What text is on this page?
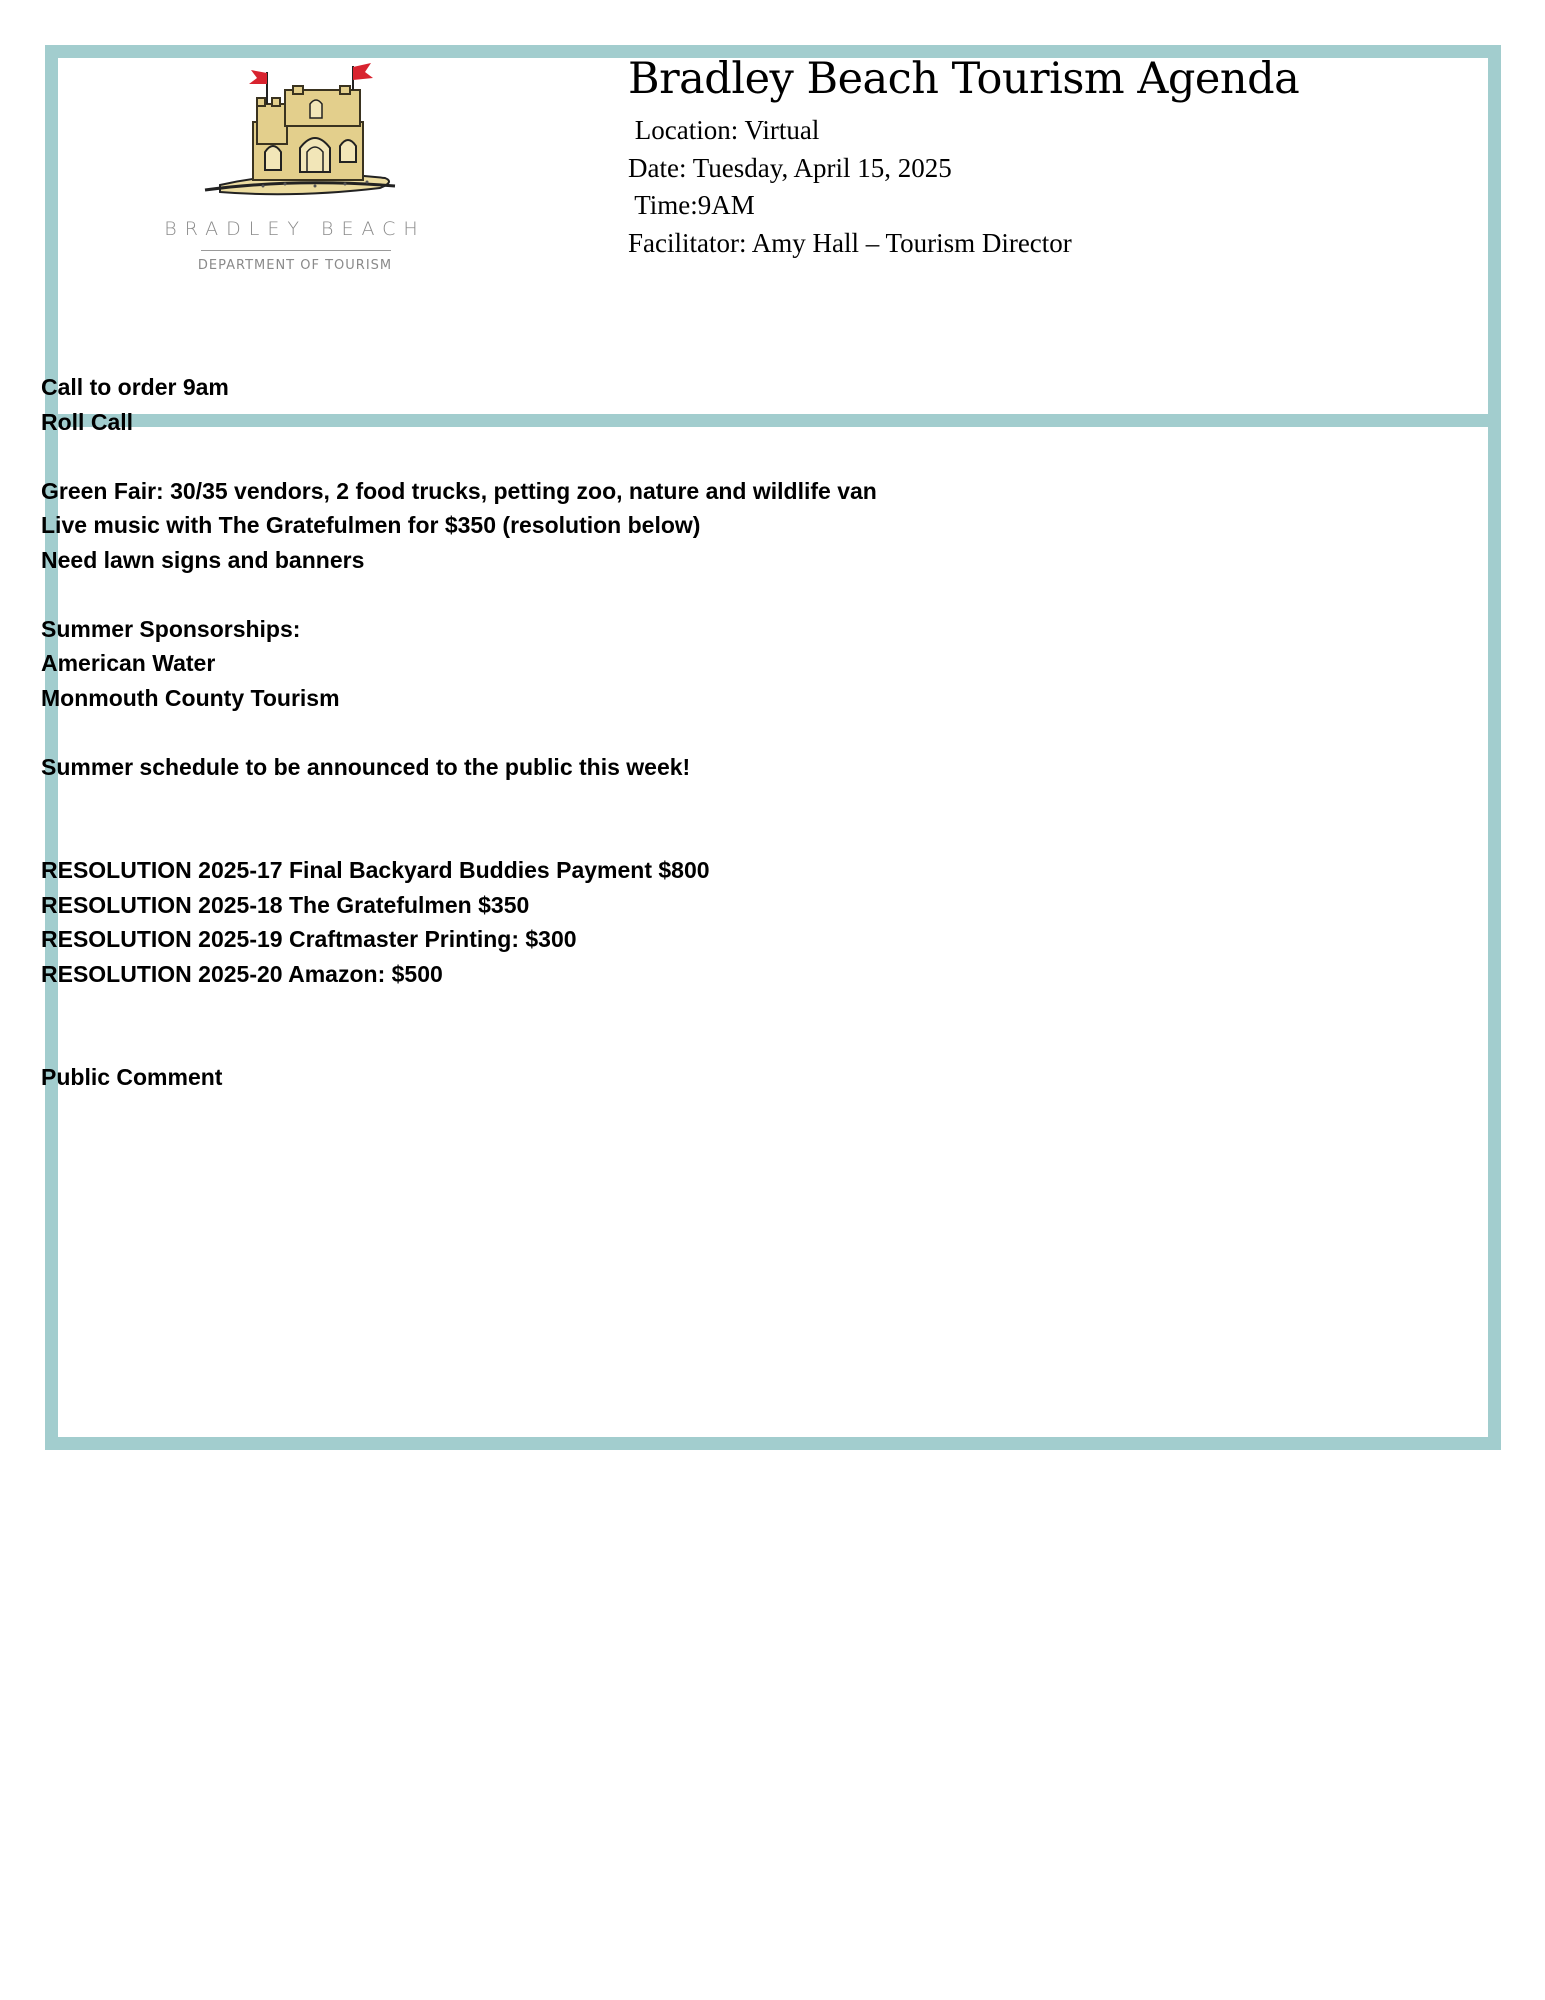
BRADLEY BEACH
DEPARTMENT OF TOURISM
Bradley Beach Tourism Agenda

Location: Virtual

Date: Tuesday, April 15, 2025

Time:9AM

Facilitator: Amy Hall – Tourism Director

Call to order 9am

Roll Call

Green Fair: 30/35 vendors, 2 food trucks, petting zoo, nature and wildlife van

Live music with The Gratefulmen for $350 (resolution below)

Need lawn signs and banners

Summer Sponsorships:

American Water

Monmouth County Tourism

Summer schedule to be announced to the public this week!

RESOLUTION 2025-17 Final Backyard Buddies Payment $800

RESOLUTION 2025-18 The Gratefulmen $350

RESOLUTION 2025-19 Craftmaster Printing: $300

RESOLUTION 2025-20 Amazon: $500

Public Comment
